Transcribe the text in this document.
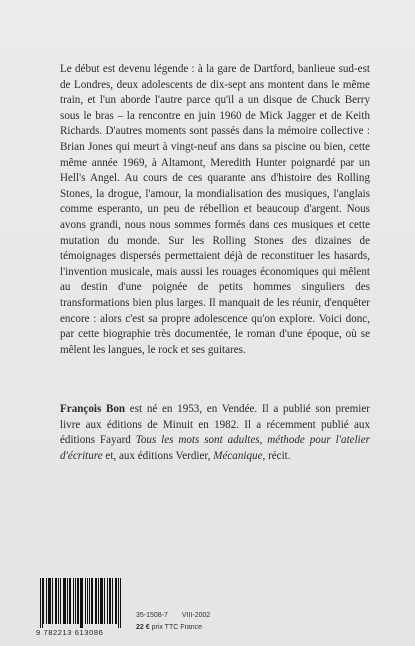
Le début est devenu légende : à la gare de Dartford, banlieue sud-est de Londres, deux adolescents de dix-sept ans montent dans le même train, et l'un aborde l'autre parce qu'il a un disque de Chuck Berry sous le bras – la rencontre en juin 1960 de Mick Jagger et de Keith Richards. D'autres moments sont passés dans la mémoire collective : Brian Jones qui meurt à vingt-neuf ans dans sa piscine ou bien, cette même année 1969, à Altamont, Meredith Hunter poignardé par un Hell's Angel. Au cours de ces quarante ans d'histoire des Rolling Stones, la drogue, l'amour, la mondialisation des musiques, l'anglais comme esperanto, un peu de rébellion et beaucoup d'argent. Nous avons grandi, nous nous sommes formés dans ces musiques et cette mutation du monde. Sur les Rolling Stones des dizaines de témoignages dispersés permettaient déjà de reconstituer les hasards, l'invention musicale, mais aussi les rouages économiques qui mêlent au destin d'une poignée de petits hommes singuliers des transformations bien plus larges. Il manquait de les réunir, d'enquêter encore : alors c'est sa propre adolescence qu'on explore. Voici donc, par cette biographie très documentée, le roman d'une époque, où se mêlent les langues, le rock et ses guitares.

François Bon est né en 1953, en Vendée. Il a publié son premier livre aux éditions de Minuit en 1982. Il a récemment publié aux éditions Fayard Tous les mots sont adultes, méthode pour l'atelier d'écriture et, aux éditions Verdier, Mécanique, récit.

9 782213 613086
35-1508-7 VIII-2002
22 € prix TTC France
